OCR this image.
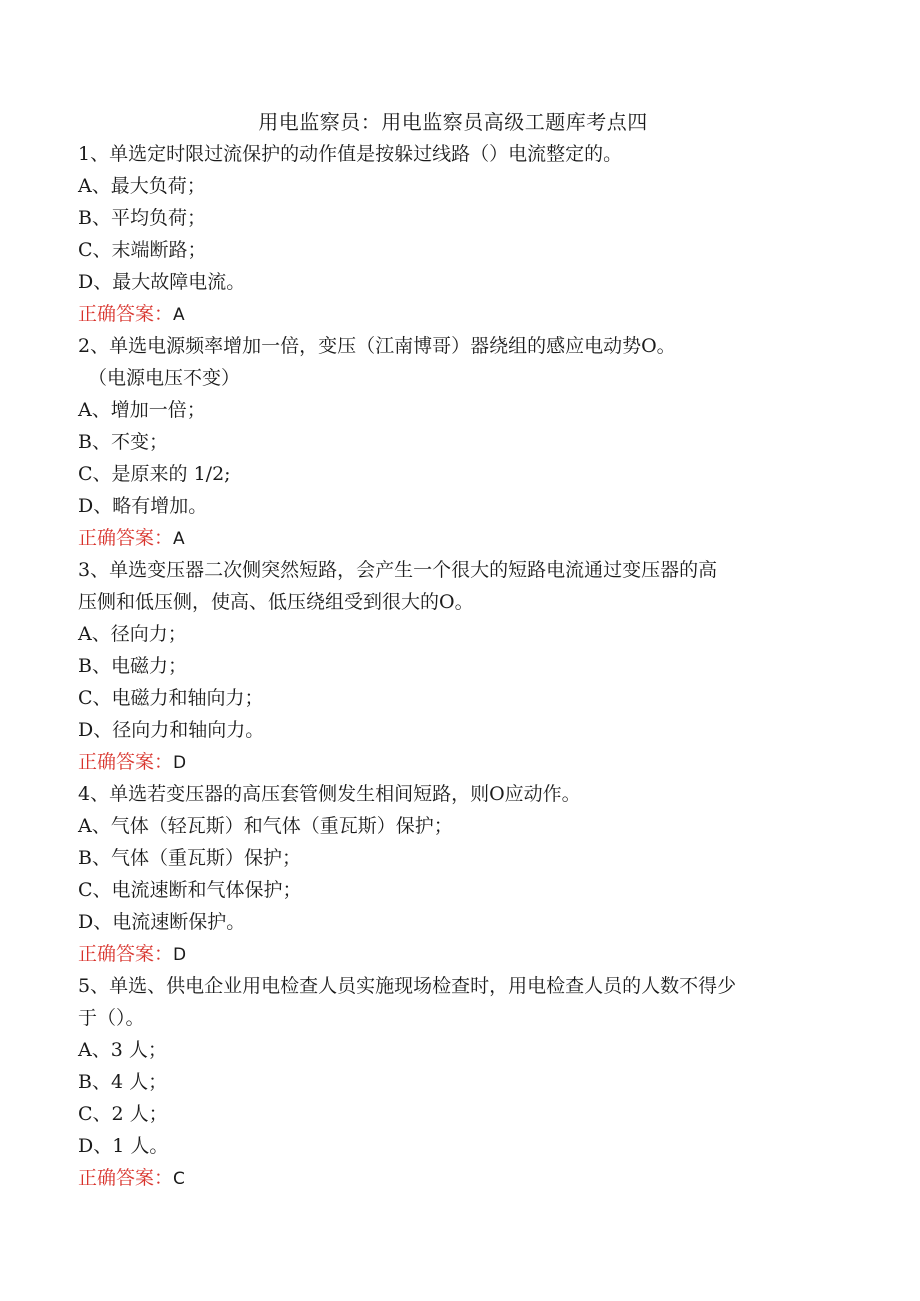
用电监察员：用电监察员高级工题库考点四
1、单选定时限过流保护的动作值是按躲过线路（）电流整定的。
A、最大负荷；
B、平均负荷；
C、末端断路；
D、最大故障电流。
正确答案：A
2、单选电源频率增加一倍，变压（江南博哥）器绕组的感应电动势O。
（电源电压不变）
A、增加一倍；
B、不变；
C、是原来的 1/2;
D、略有增加。
正确答案：A
3、单选变压器二次侧突然短路，会产生一个很大的短路电流通过变压器的高
压侧和低压侧，使高、低压绕组受到很大的O。
A、径向力；
B、电磁力；
C、电磁力和轴向力；
D、径向力和轴向力。
正确答案：D
4、单选若变压器的高压套管侧发生相间短路，则O应动作。
A、气体（轻瓦斯）和气体（重瓦斯）保护；
B、气体（重瓦斯）保护；
C、电流速断和气体保护；
D、电流速断保护。
正确答案：D
5、单选、供电企业用电检查人员实施现场检查时，用电检查人员的人数不得少
于（）。
A、3 人；
B、4 人；
C、2 人；
D、1 人。
正确答案：C
